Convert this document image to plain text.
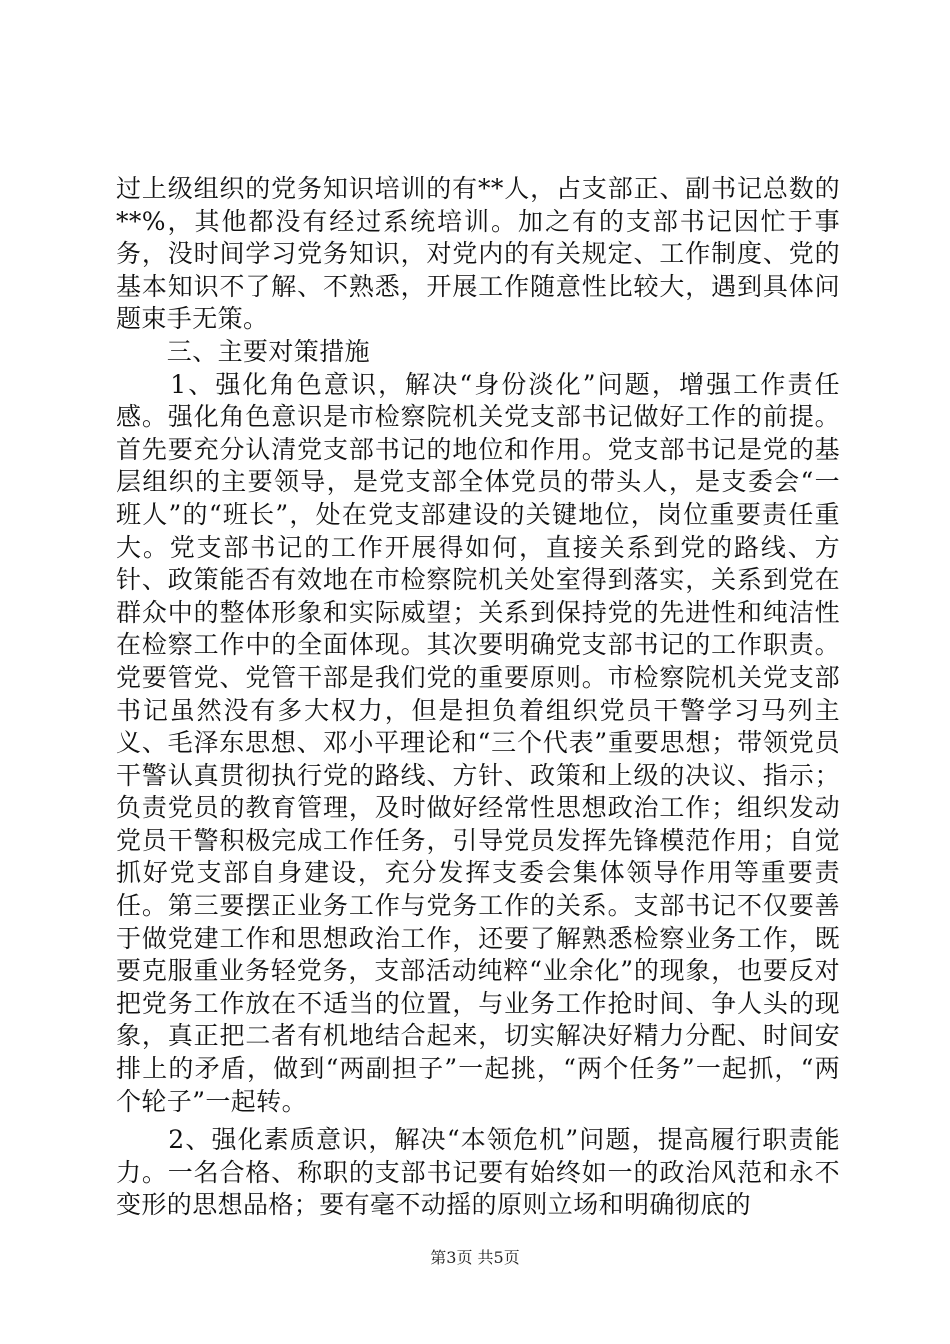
过上级组织的党务知识培训的有**人，占支部正、副书记总数的**%，其他都没有经过系统培训。加之有的支部书记因忙于事务，没时间学习党务知识，对党内的有关规定、工作制度、党的基本知识不了解、不熟悉，开展工作随意性比较大，遇到具体问题束手无策。

　　三、主要对策措施

　　1、强化角色意识，解决“身份淡化”问题，增强工作责任感。强化角色意识是市检察院机关党支部书记做好工作的前提。首先要充分认清党支部书记的地位和作用。党支部书记是党的基层组织的主要领导，是党支部全体党员的带头人，是支委会“一班人”的“班长”，处在党支部建设的关键地位，岗位重要责任重大。党支部书记的工作开展得如何，直接关系到党的路线、方针、政策能否有效地在市检察院机关处室得到落实，关系到党在群众中的整体形象和实际威望；关系到保持党的先进性和纯洁性在检察工作中的全面体现。其次要明确党支部书记的工作职责。党要管党、党管干部是我们党的重要原则。市检察院机关党支部书记虽然没有多大权力，但是担负着组织党员干警学习马列主义、毛泽东思想、邓小平理论和“三个代表”重要思想；带领党员干警认真贯彻执行党的路线、方针、政策和上级的决议、指示；负责党员的教育管理，及时做好经常性思想政治工作；组织发动党员干警积极完成工作任务，引导党员发挥先锋模范作用；自觉抓好党支部自身建设，充分发挥支委会集体领导作用等重要责任。第三要摆正业务工作与党务工作的关系。支部书记不仅要善于做党建工作和思想政治工作，还要了解熟悉检察业务工作，既要克服重业务轻党务，支部活动纯粹“业余化”的现象，也要反对把党务工作放在不适当的位置，与业务工作抢时间、争人头的现象，真正把二者有机地结合起来，切实解决好精力分配、时间安排上的矛盾，做到“两副担子”一起挑，“两个任务”一起抓，“两个轮子”一起转。

　　2、强化素质意识，解决“本领危机”问题，提高履行职责能力。一名合格、称职的支部书记要有始终如一的政治风范和永不变形的思想品格；要有毫不动摇的原则立场和明确彻底的

第3页 共5页
